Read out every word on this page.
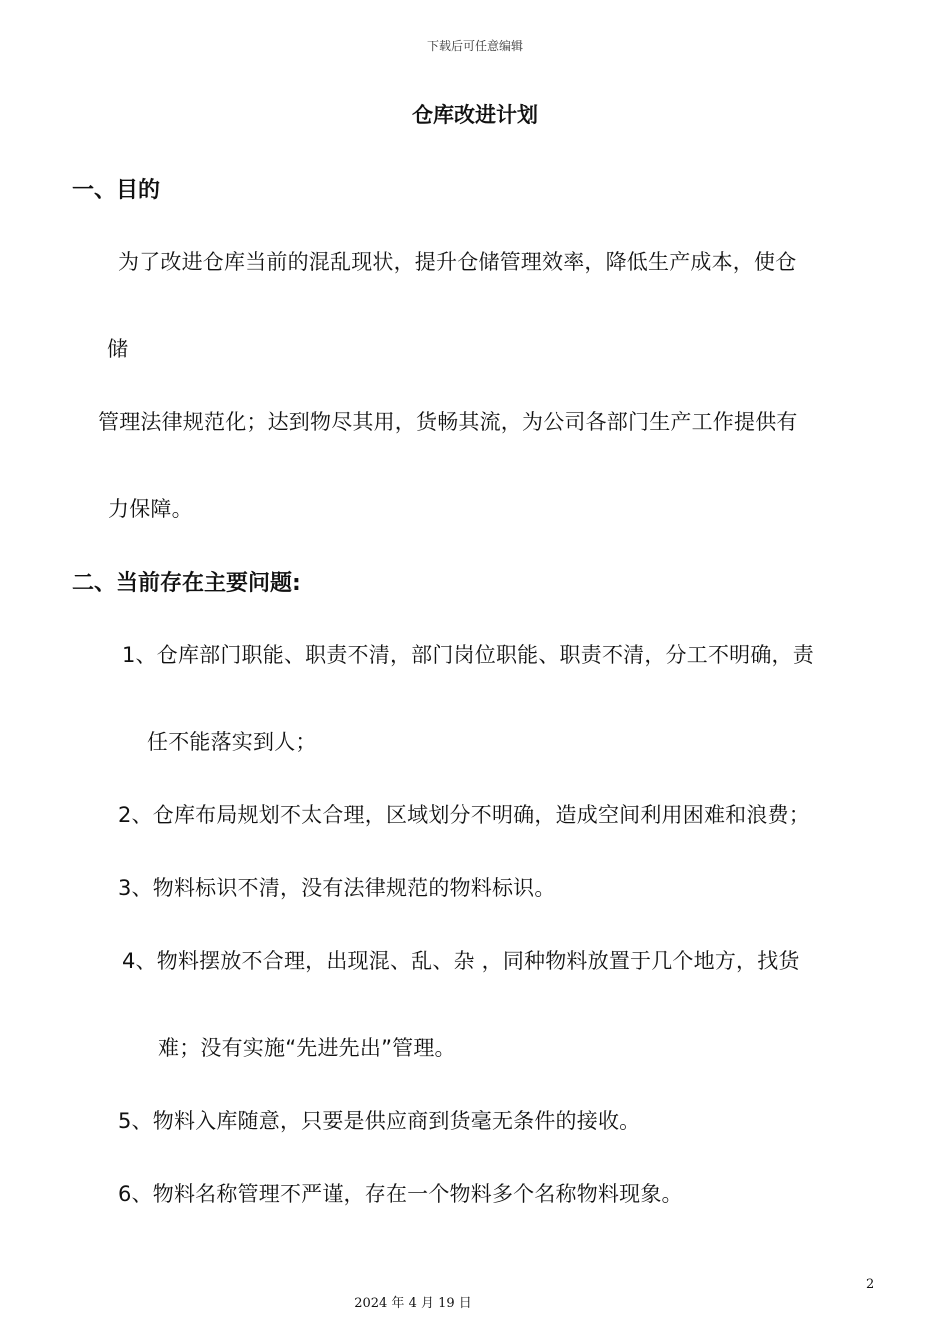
下载后可任意编辑
仓库改进计划
一、目的
为了改进仓库当前的混乱现状，提升仓储管理效率，降低生产成本，使仓
储
管理法律规范化；达到物尽其用，货畅其流，为公司各部门生产工作提供有
力保障。
二、当前存在主要问题:
1、仓库部门职能、职责不清，部门岗位职能、职责不清，分工不明确，责
任不能落实到人；
2、仓库布局规划不太合理，区域划分不明确，造成空间利用困难和浪费；
3、物料标识不清，没有法律规范的物料标识。
4、物料摆放不合理，出现混、乱、杂 ，同种物料放置于几个地方，找货
难；没有实施“先进先出”管理。
5、物料入库随意，只要是供应商到货毫无条件的接收。
6、物料名称管理不严谨，存在一个物料多个名称物料现象。
2
2024 年 4 月 19 日
